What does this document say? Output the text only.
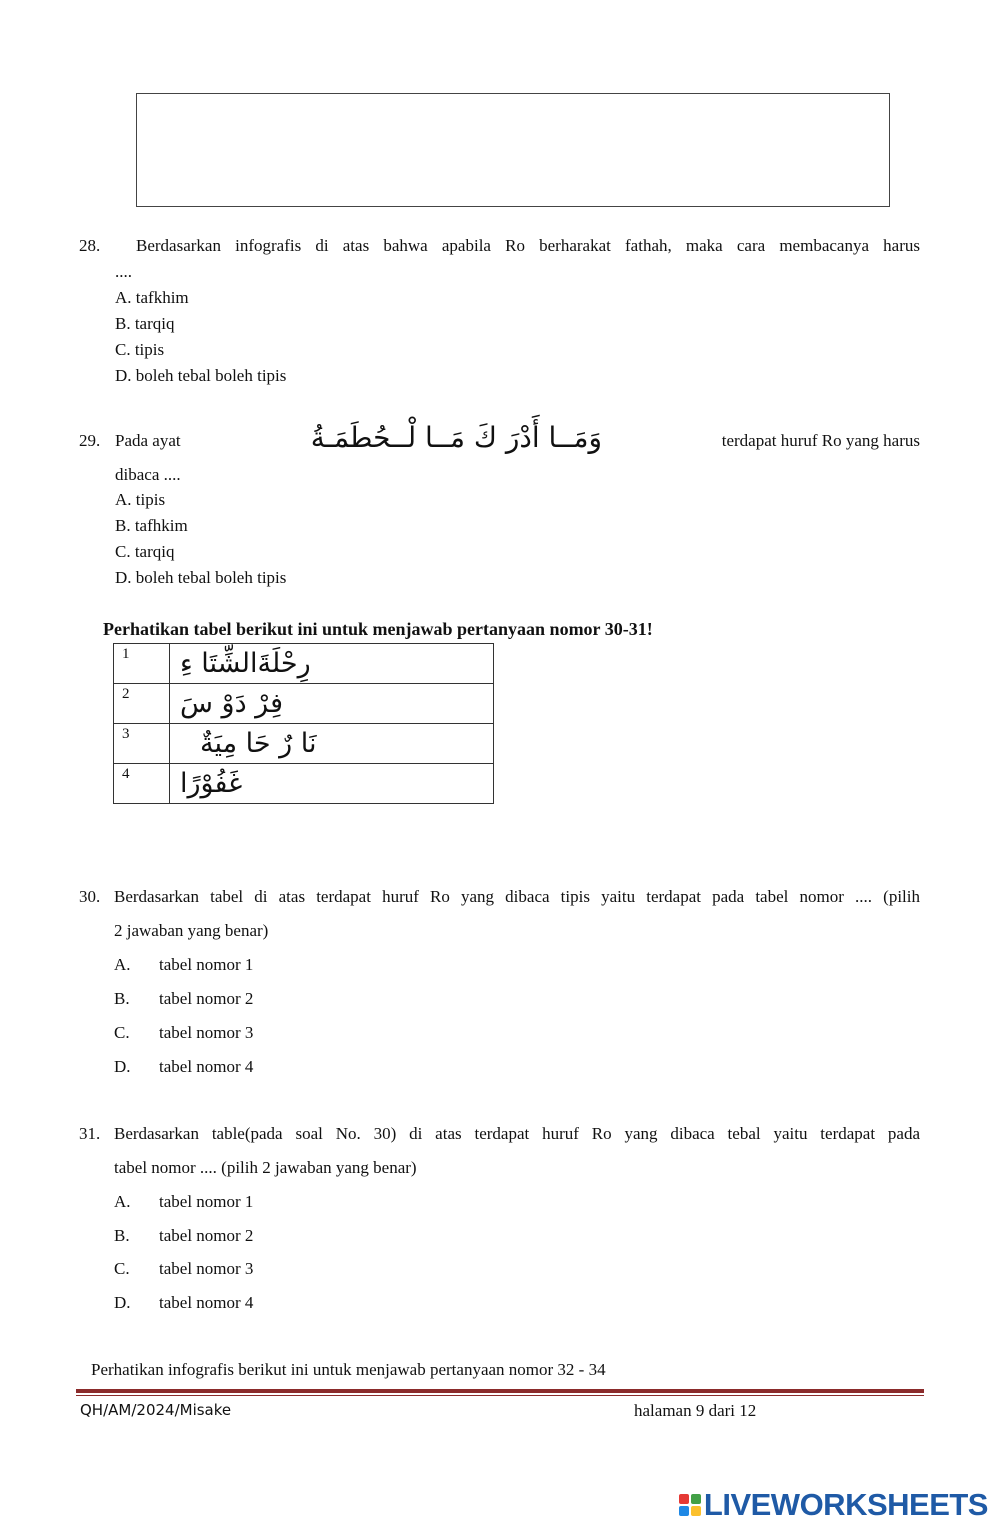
28. Berdasarkan infografis di atas bahwa apabila Ro berharakat fathah, maka cara membacanya harus
....
A. tafkhim
B. tarqiq
C. tipis
D. boleh tebal boleh tipis
29. Pada ayat	وَمَــا أَدْرَ كَ مَــا لْــحُطَمَـةُ	terdapat huruf Ro yang harus
dibaca ....
A. tipis
B. tafhkim
C. tarqiq
D. boleh tebal boleh tipis
Perhatikan tabel berikut ini untuk menjawab pertanyaan nomor 30-31!
1	رِحْلَةَالشِّتَا ءِ
2	فِرْ دَوْ سَ
3	نَا رٌ حَا مِيَةٌ
4	غَفُوْرًا
30. Berdasarkan tabel di atas terdapat huruf Ro yang dibaca tipis yaitu terdapat pada tabel nomor .... (pilih
2 jawaban yang benar)
A. tabel nomor 1
B. tabel nomor 2
C. tabel nomor 3
D. tabel nomor 4
31. Berdasarkan table(pada soal No. 30) di atas terdapat huruf Ro yang dibaca tebal yaitu terdapat pada
tabel nomor .... (pilih 2 jawaban yang benar)
A. tabel nomor 1
B. tabel nomor 2
C. tabel nomor 3
D. tabel nomor 4
Perhatikan infografis berikut ini untuk menjawab pertanyaan nomor 32 - 34
QH/AM/2024/Misake	halaman 9 dari 12
LIVEWORKSHEETS
